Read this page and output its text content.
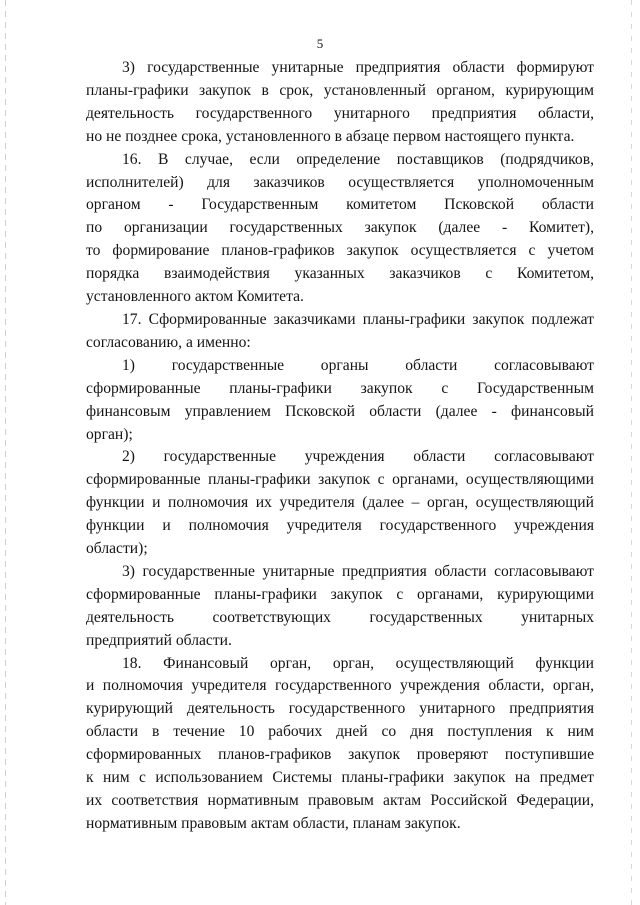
5

3) государственные унитарные предприятия области формируют
планы-графики закупок в срок, установленный органом, курирующим
деятельность государственного унитарного предприятия области,
но не позднее срока, установленного в абзаце первом настоящего пункта.

16. В случае, если определение поставщиков (подрядчиков,
исполнителей) для заказчиков осуществляется уполномоченным
органом - Государственным комитетом Псковской области
по организации государственных закупок (далее - Комитет),
то формирование планов-графиков закупок осуществляется с учетом
порядка взаимодействия указанных заказчиков с Комитетом,
установленного актом Комитета.

17. Сформированные заказчиками планы-графики закупок подлежат
согласованию, а именно:

1) государственные органы области согласовывают
сформированные планы-графики закупок с Государственным
финансовым управлением Псковской области (далее - финансовый
орган);

2) государственные учреждения области согласовывают
сформированные планы-графики закупок с органами, осуществляющими
функции и полномочия их учредителя (далее – орган, осуществляющий
функции и полномочия учредителя государственного учреждения
области);

3) государственные унитарные предприятия области согласовывают
сформированные планы-графики закупок с органами, курирующими
деятельность соответствующих государственных унитарных
предприятий области.

18. Финансовый орган, орган, осуществляющий функции
и полномочия учредителя государственного учреждения области, орган,
курирующий деятельность государственного унитарного предприятия
области в течение 10 рабочих дней со дня поступления к ним
сформированных планов-графиков закупок проверяют поступившие
к ним с использованием Системы планы-графики закупок на предмет
их соответствия нормативным правовым актам Российской Федерации,
нормативным правовым актам области, планам закупок.
